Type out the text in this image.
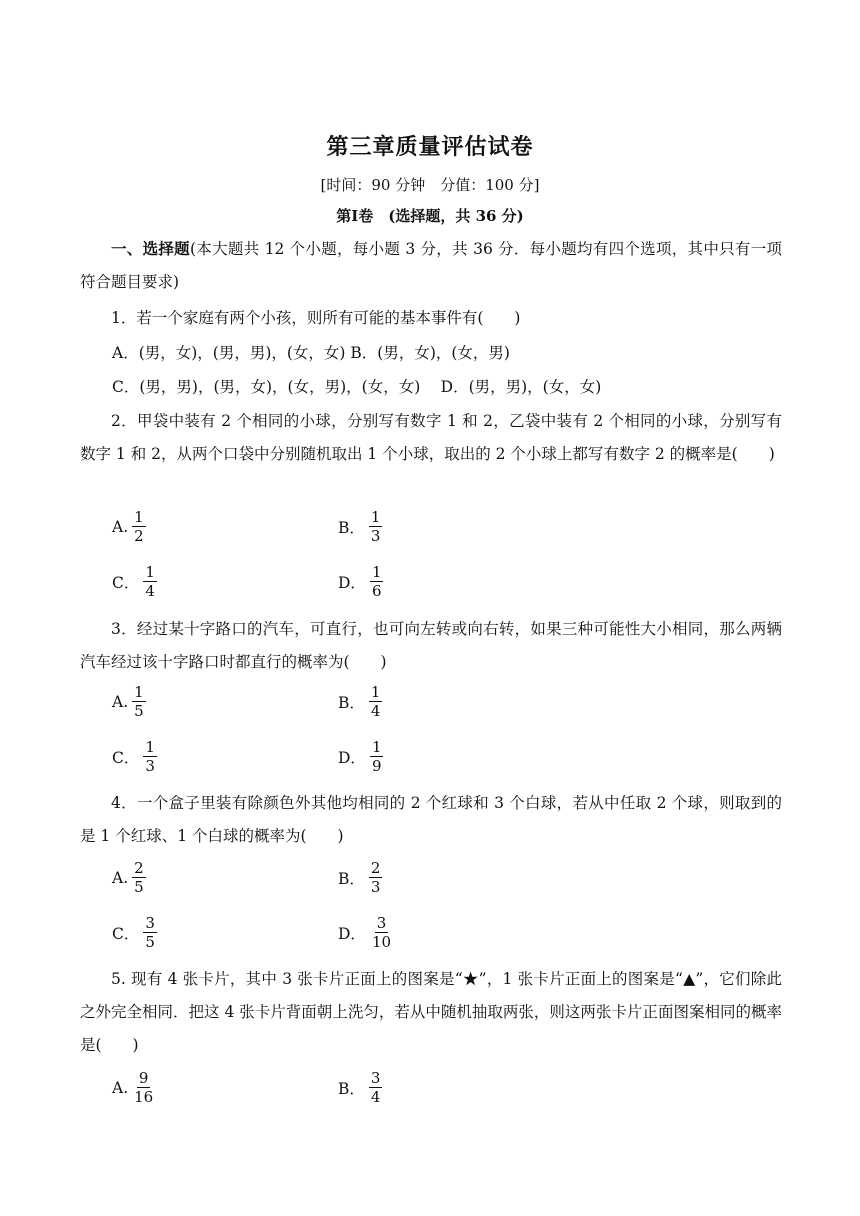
第三章质量评估试卷
[时间：90 分钟　分值：100 分]
第Ⅰ卷　(选择题，共 36 分)
一、选择题(本大题共 12 个小题，每小题 3 分，共 36 分．每小题均有四个选项，其中只有一项符合题目要求)
1．若一个家庭有两个小孩，则所有可能的基本事件有(　　)
A．(男，女)，(男，男)，(女，女) B．(男，女)，(女，男)
C．(男，男)，(男，女)，(女，男)，(女，女)　 D．(男，男)，(女，女)
2．甲袋中装有 2 个相同的小球，分别写有数字 1 和 2，乙袋中装有 2 个相同的小球，分别写有数字 1 和 2，从两个口袋中分别随机取出 1 个小球，取出的 2 个小球上都写有数字 2 的概率是(　　)
A. $\frac{1}{2}$	B． $\frac{1}{3}$
C． $\frac{1}{4}$	D． $\frac{1}{6}$
3．经过某十字路口的汽车，可直行，也可向左转或向右转，如果三种可能性大小相同，那么两辆汽车经过该十字路口时都直行的概率为(　　)
A. $\frac{1}{5}$	B． $\frac{1}{4}$
C． $\frac{1}{3}$	D． $\frac{1}{9}$
4．一个盒子里装有除颜色外其他均相同的 2 个红球和 3 个白球，若从中任取 2 个球，则取到的是 1 个红球、1 个白球的概率为(　　)
A. $\frac{2}{5}$	B． $\frac{2}{3}$
C． $\frac{3}{5}$	D． $\frac{3}{10}$
5. 现有 4 张卡片，其中 3 张卡片正面上的图案是“★”，1 张卡片正面上的图案是“▲”，它们除此之外完全相同．把这 4 张卡片背面朝上洗匀，若从中随机抽取两张，则这两张卡片正面图案相同的概率是(　　)
A. $\frac{9}{16}$	B． $\frac{3}{4}$
